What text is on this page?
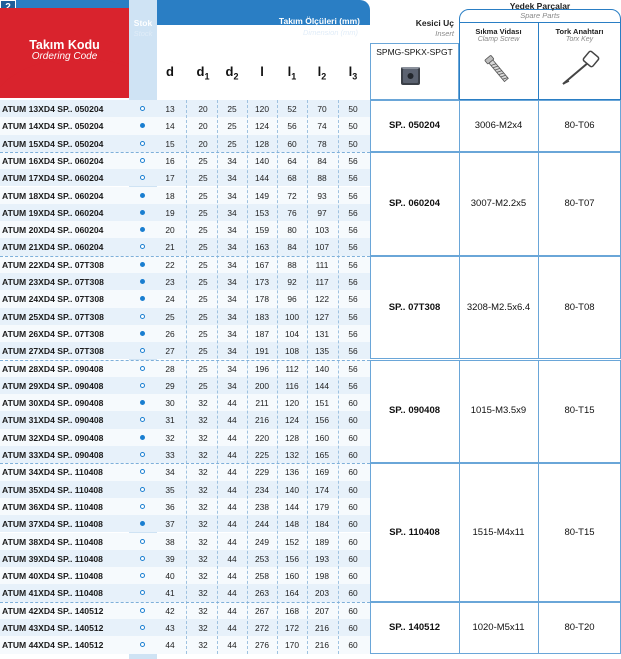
Takım Kodu
Ordering Code
Stok
Stock
Takım Ölçüleri (mm)
Dimension (mm)
d	$d_1$	$d_2$	l	$l_1$	$l_2$	$l_3$
ATUM 13XD4 SP.. 050204	13	20	25	120	52	70	50
ATUM 14XD4 SP.. 050204	14	20	25	124	56	74	50
ATUM 15XD4 SP.. 050204	15	20	25	128	60	78	50
ATUM 16XD4 SP.. 060204	16	25	34	140	64	84	56
ATUM 17XD4 SP.. 060204	17	25	34	144	68	88	56
ATUM 18XD4 SP.. 060204	18	25	34	149	72	93	56
ATUM 19XD4 SP.. 060204	19	25	34	153	76	97	56
ATUM 20XD4 SP.. 060204	20	25	34	159	80	103	56
ATUM 21XD4 SP.. 060204	21	25	34	163	84	107	56
ATUM 22XD4 SP.. 07T308	22	25	34	167	88	111	56
ATUM 23XD4 SP.. 07T308	23	25	34	173	92	117	56
ATUM 24XD4 SP.. 07T308	24	25	34	178	96	122	56
ATUM 25XD4 SP.. 07T308	25	25	34	183	100	127	56
ATUM 26XD4 SP.. 07T308	26	25	34	187	104	131	56
ATUM 27XD4 SP.. 07T308	27	25	34	191	108	135	56
ATUM 28XD4 SP.. 090408	28	25	34	196	112	140	56
ATUM 29XD4 SP.. 090408	29	25	34	200	116	144	56
ATUM 30XD4 SP.. 090408	30	32	44	211	120	151	60
ATUM 31XD4 SP.. 090408	31	32	44	216	124	156	60
ATUM 32XD4 SP.. 090408	32	32	44	220	128	160	60
ATUM 33XD4 SP.. 090408	33	32	44	225	132	165	60
ATUM 34XD4 SP.. 110408	34	32	44	229	136	169	60
ATUM 35XD4 SP.. 110408	35	32	44	234	140	174	60
ATUM 36XD4 SP.. 110408	36	32	44	238	144	179	60
ATUM 37XD4 SP.. 110408	37	32	44	244	148	184	60
ATUM 38XD4 SP.. 110408	38	32	44	249	152	189	60
ATUM 39XD4 SP.. 110408	39	32	44	253	156	193	60
ATUM 40XD4 SP.. 110408	40	32	44	258	160	198	60
ATUM 41XD4 SP.. 110408	41	32	44	263	164	203	60
ATUM 42XD4 SP.. 140512	42	32	44	267	168	207	60
ATUM 43XD4 SP.. 140512	43	32	44	272	172	216	60
ATUM 44XD4 SP.. 140512	44	32	44	276	170	216	60
Kesici Uç
Insert
Yedek Parçalar
Spare Parts
Sıkma Vidası
Clamp Screw
Tork Anahtarı
Torx Key
SPMG-SPKX-SPGT
SP.. 050204	3006-M2x4	80-T06
SP.. 060204	3007-M2.2x5	80-T07
SP.. 07T308	3208-M2.5x6.4	80-T08
SP.. 090408	1015-M3.5x9	80-T15
SP.. 110408	1515-M4x11	80-T15
SP.. 140512	1020-M5x11	80-T20
